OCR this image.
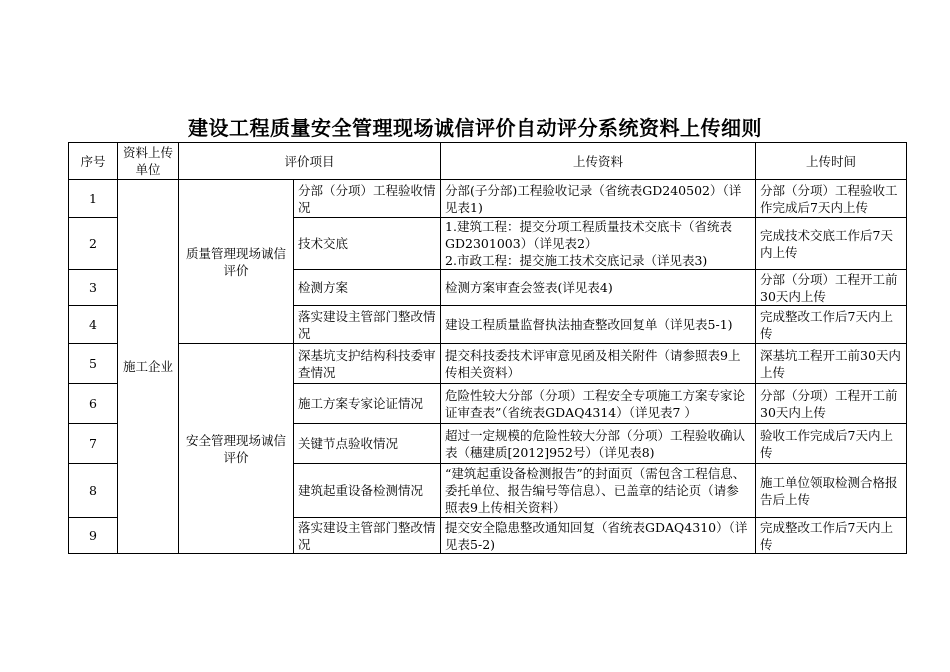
建设工程质量安全管理现场诚信评价自动评分系统资料上传细则
序号	资料上传单位	评价项目		上传资料	上传时间
1	施工企业	质量管理现场诚信评价	分部（分项）工程验收情况	分部(子分部)工程验收记录（省统表GD240502）（详见表1)	分部（分项）工程验收工作完成后7天内上传
2			技术交底	1.建筑工程：提交分项工程质量技术交底卡（省统表GD2301003）（详见表2）
2.市政工程：提交施工技术交底记录（详见表3)	完成技术交底工作后7天内上传
3			检测方案	检测方案审查会签表(详见表4)	分部（分项）工程开工前30天内上传
4			落实建设主管部门整改情况	建设工程质量监督执法抽查整改回复单（详见表5-1)	完成整改工作后7天内上传
5		安全管理现场诚信评价	深基坑支护结构科技委审查情况	提交科技委技术评审意见函及相关附件（请参照表9上传相关资料）	深基坑工程开工前30天内上传
6			施工方案专家论证情况	危险性较大分部（分项）工程安全专项施工方案专家论证审查表”（省统表GDAQ4314）（详见表7 ）	分部（分项）工程开工前30天内上传
7			关键节点验收情况	超过一定规模的危险性较大分部（分项）工程验收确认表（穗建质[2012]952号）（详见表8)	验收工作完成后7天内上传
8			建筑起重设备检测情况	“建筑起重设备检测报告”的封面页（需包含工程信息、委托单位、报告编号等信息）、已盖章的结论页（请参照表9上传相关资料）	施工单位领取检测合格报告后上传
9			落实建设主管部门整改情况	提交安全隐患整改通知回复（省统表GDAQ4310）（详见表5-2)	完成整改工作后7天内上传
